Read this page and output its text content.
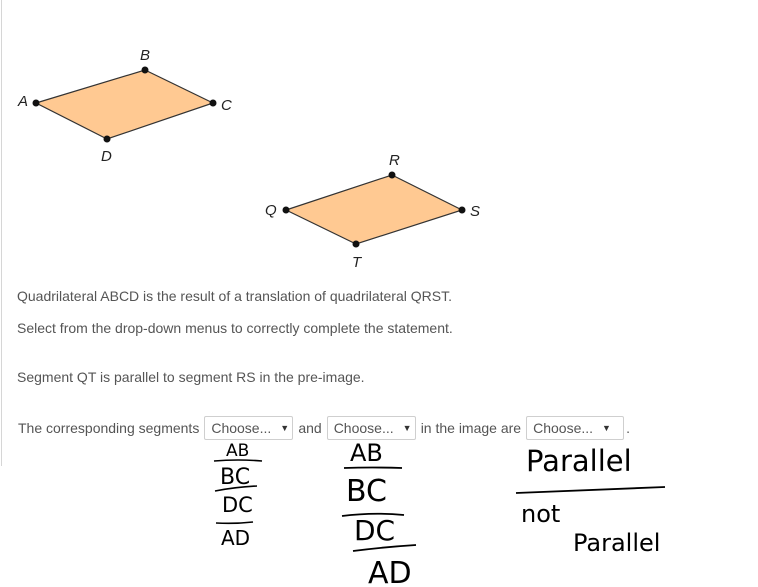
A
B
C
D
Q
R
S
T
Quadrilateral ABCD is the result of a translation of quadrilateral QRST.
Select from the drop-down menus to correctly complete the statement.
Segment QT is parallel to segment RS in the pre-image.
The corresponding segments Choose... ▼ and Choose... ▼ in the image are Choose... ▼ .
AB
BC
DC
AD
AB
BC
DC
AD
Parallel
not
Parallel
